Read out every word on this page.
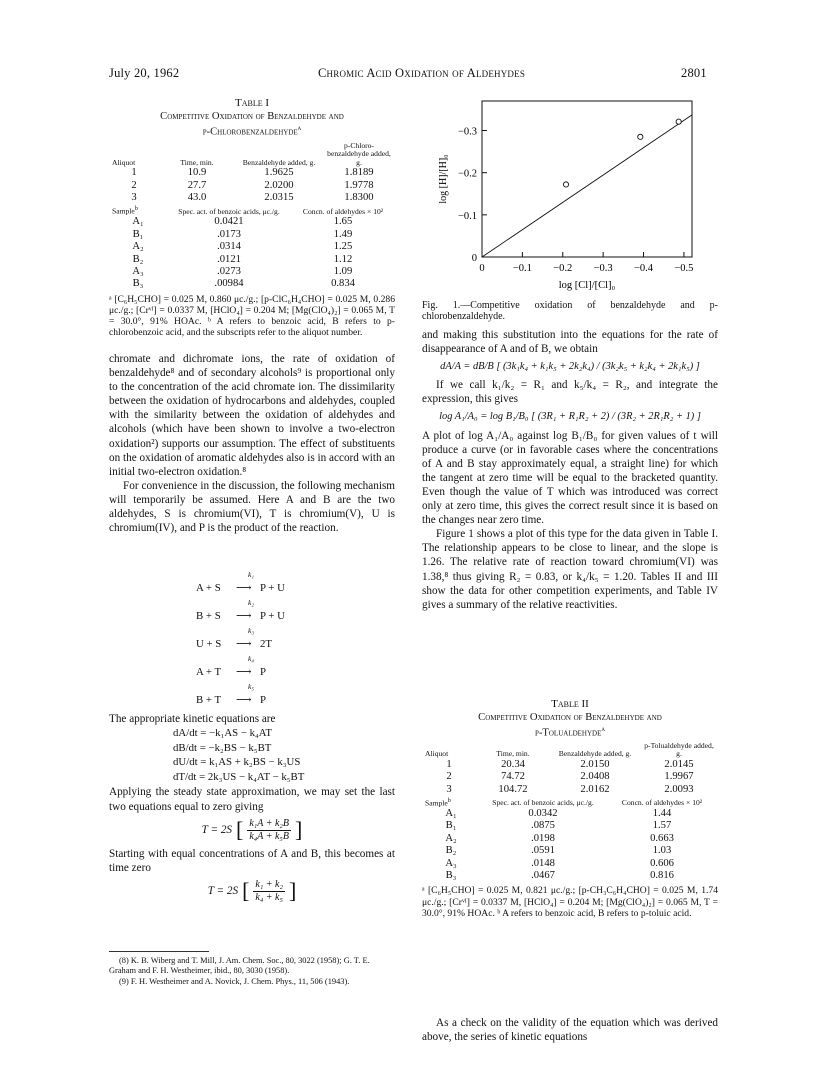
July 20, 1962	Chromic Acid Oxidation of Aldehydes	2801
Table I
Competitive Oxidation of Benzaldehyde and
p-Chlorobenzaldehyde$^a$
Aliquot	Time, min.	Benzaldehyde added, g.	p-Chloro-benzaldehyde added, g.
1	10.9	1.9625	1.8189
2	27.7	2.0200	1.9778
3	43.0	2.0315	1.8300
Sample$^b$	Spec. act. of benzoic acids, μc./g.	Concn. of aldehydes × 10²
A₁	0.0421	1.65
B₁	.0173	1.49
A₂	.0314	1.25
B₂	.0121	1.12
A₃	.0273	1.09
B₃	.00984	0.834

ᵃ [C₆H₅CHO] = 0.025 M, 0.860 μc./g.; [p-ClC₆H₄CHO] = 0.025 M, 0.286 μc./g.; [Crᵛᴵ] = 0.0337 M, [HClO₄] = 0.204 M; [Mg(ClO₄)₂] = 0.065 M, T = 30.0°, 91% HOAc. ᵇ A refers to benzoic acid, B refers to p-chlorobenzoic acid, and the subscripts refer to the aliquot number.

chromate and dichromate ions, the rate of oxidation of benzaldehyde⁸ and of secondary alcohols⁹ is proportional only to the concentration of the acid chromate ion. The dissimilarity between the oxidation of hydrocarbons and aldehydes, coupled with the similarity between the oxidation of aldehydes and alcohols (which have been shown to involve a two-electron oxidation²) supports our assumption. The effect of substituents on the oxidation of aromatic aldehydes also is in accord with an initial two-electron oxidation.⁸

For convenience in the discussion, the following mechanism will temporarily be assumed. Here A and B are the two aldehydes, S is chromium(VI), T is chromium(V), U is chromium(IV), and P is the product of the reaction.

A + S
k₁
⟶ P + U
B + S
k₂
⟶ P + U
U + S
k₃
⟶ 2T
A + T
k₄
⟶ P
B + T
k₅
⟶ P

The appropriate kinetic equations are

dA/dt = −k₁AS − k₄AT
dB/dt = −k₂BS − k₅BT
dU/dt = k₁AS + k₂BS − k₃US
dT/dt = 2k₃US − k₄AT − k₅BT

Applying the steady state approximation, we may set the last two equations equal to zero giving

T = 2S [ $\frac{\text{k₁A + k₂B}}{\text{k₄A + k₅B}}$ ]

Starting with equal concentrations of A and B, this becomes at time zero

T = 2S [ $\frac{\text{k₁ + k₂}}{\text{k₄ + k₅}}$ ]

(8) K. B. Wiberg and T. Mill, J. Am. Chem. Soc., 80, 3022 (1958); G. T. E. Graham and F. H. Westheimer, ibid., 80, 3030 (1958).

(9) F. H. Westheimer and A. Novick, J. Chem. Phys., 11, 506 (1943).

0	−0.1 −0.2 −0.3 −0.4 −0.5
0
−0.1
−0.2
−0.3
log [H]/[H]₀
log [Cl]/[Cl]₀
Fig. 1.—Competitive oxidation of benzaldehyde and p-chlorobenzaldehyde.

and making this substitution into the equations for the rate of disappearance of A and of B, we obtain

dA/A = dB/B [ (3k₁k₄ + k₁k₅ + 2k₂k₄) / (3k₂k₅ + k₂k₄ + 2k₁k₅) ]

If we call k₁/k₂ = R₁ and k₅/k₄ = R₂, and integrate the expression, this gives

log A₁/A₀ = log B₁/B₀ [ (3R₁ + R₁R₂ + 2) / (3R₂ + 2R₁R₂ + 1) ]

A plot of log A₁/A₀ against log B₁/B₀ for given values of t will produce a curve (or in favorable cases where the concentrations of A and B stay approximately equal, a straight line) for which the tangent at zero time will be equal to the bracketed quantity. Even though the value of T which was introduced was correct only at zero time, this gives the correct result since it is based on the changes near zero time.

Figure 1 shows a plot of this type for the data given in Table I. The relationship appears to be close to linear, and the slope is 1.26. The relative rate of reaction toward chromium(VI) was 1.38,⁸ thus giving R₂ = 0.83, or k₄/k₅ = 1.20. Tables II and III show the data for other competition experiments, and Table IV gives a summary of the relative reactivities.

Table II
Competitive Oxidation of Benzaldehyde and
p-Tolualdehyde$^a$
Aliquot	Time, min.	Benzaldehyde added, g.	p-Tolualdehyde added, g.
1	20.34	2.0150	2.0145
2	74.72	2.0408	1.9967
3	104.72	2.0162	2.0093
Sample$^b$	Spec. act. of benzoic acids, μc./g.	Concn. of aldehydes × 10²
A₁	0.0342	1.44
B₁	.0875	1.57
A₂	.0198	0.663
B₂	.0591	1.03
A₃	.0148	0.606
B₃	.0467	0.816

ᵃ [C₆H₅CHO] = 0.025 M, 0.821 μc./g.; [p-CH₃C₆H₄CHO] = 0.025 M, 1.74 μc./g.; [Crᵛᴵ] = 0.0337 M, [HClO₄] = 0.204 M; [Mg(ClO₄)₂] = 0.065 M, T = 30.0°, 91% HOAc. ᵇ A refers to benzoic acid, B refers to p-toluic acid.

As a check on the validity of the equation which was derived above, the series of kinetic equations
